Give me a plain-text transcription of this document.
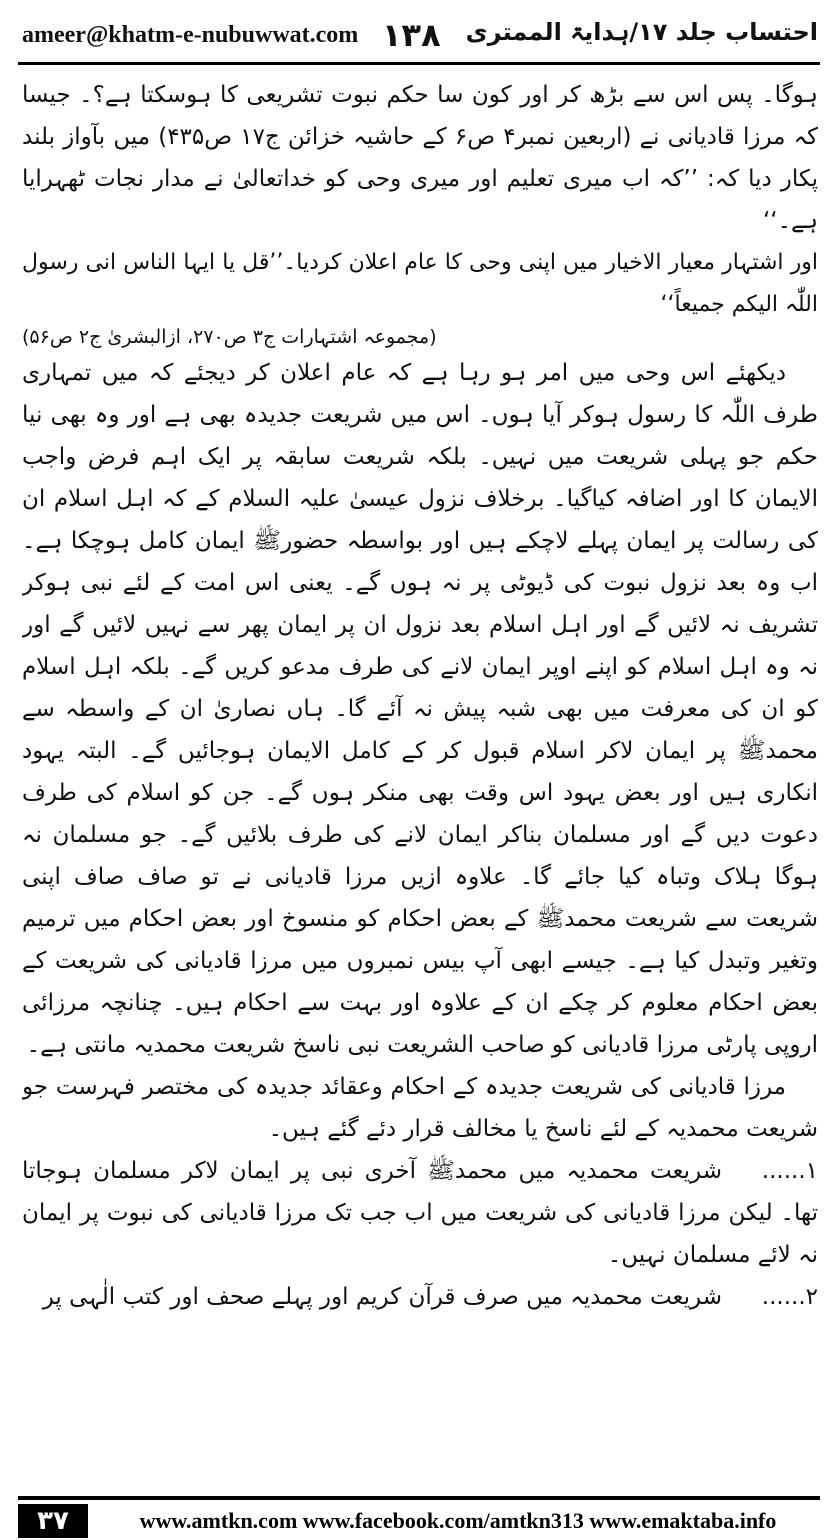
ameer@khatm-e-nubuwwat.com ۱۳۸ احتساب جلد ۱۷/ہدایۃ الممتری

ہوگا۔ پس اس سے بڑھ کر اور کون سا حکم نبوت تشریعی کا ہوسکتا ہے؟۔ جیسا کہ مرزا قادیانی نے (اربعین نمبر۴ ص۶ کے حاشیہ خزائن ج۱۷ ص۴۳۵) میں بآواز بلند پکار دیا کہ: ’’کہ اب میری تعلیم اور میری وحی کو خداتعالیٰ نے مدار نجات ٹھہرایا ہے۔‘‘

اور اشتہار معیار الاخیار میں اپنی وحی کا عام اعلان کردیا۔’’قل یا ایہا الناس انی رسول اللّٰہ الیکم جمیعاً‘‘

(مجموعہ اشتہارات ج۳ ص۲۷۰، ازالبشریٰ ج۲ ص۵۶)

دیکھئے اس وحی میں امر ہو رہا ہے کہ عام اعلان کر دیجئے کہ میں تمہاری طرف اللّٰہ کا رسول ہوکر آیا ہوں۔ اس میں شریعت جدیدہ بھی ہے اور وہ بھی نیا حکم جو پہلی شریعت میں نہیں۔ بلکہ شریعت سابقہ پر ایک اہم فرض واجب الایمان کا اور اضافہ کیاگیا۔ برخلاف نزول عیسیٰ علیہ السلام کے کہ اہل اسلام ان کی رسالت پر ایمان پہلے لاچکے ہیں اور بواسطہ حضورﷺ ایمان کامل ہوچکا ہے۔ اب وہ بعد نزول نبوت کی ڈیوٹی پر نہ ہوں گے۔ یعنی اس امت کے لئے نبی ہوکر تشریف نہ لائیں گے اور اہل اسلام بعد نزول ان پر ایمان پھر سے نہیں لائیں گے اور نہ وہ اہل اسلام کو اپنے اوپر ایمان لانے کی طرف مدعو کریں گے۔ بلکہ اہل اسلام کو ان کی معرفت میں بھی شبہ پیش نہ آئے گا۔ ہاں نصاریٰ ان کے واسطہ سے محمدﷺ پر ایمان لاکر اسلام قبول کر کے کامل الایمان ہوجائیں گے۔ البتہ یہود انکاری ہیں اور بعض یہود اس وقت بھی منکر ہوں گے۔ جن کو اسلام کی طرف دعوت دیں گے اور مسلمان بناکر ایمان لانے کی طرف بلائیں گے۔ جو مسلمان نہ ہوگا ہلاک وتباہ کیا جائے گا۔ علاوہ ازیں مرزا قادیانی نے تو صاف صاف اپنی شریعت سے شریعت محمدﷺ کے بعض احکام کو منسوخ اور بعض احکام میں ترمیم وتغیر وتبدل کیا ہے۔ جیسے ابھی آپ بیس نمبروں میں مرزا قادیانی کی شریعت کے بعض احکام معلوم کر چکے ان کے علاوہ اور بہت سے احکام ہیں۔ چنانچہ مرزائی اروپی پارٹی مرزا قادیانی کو صاحب الشریعت نبی ناسخ شریعت محمدیہ مانتی ہے۔

مرزا قادیانی کی شریعت جدیدہ کے احکام وعقائد جدیدہ کی مختصر فہرست جو شریعت محمدیہ کے لئے ناسخ یا مخالف قرار دئے گئے ہیں۔

۱......شریعت محمدیہ میں محمدﷺ آخری نبی پر ایمان لاکر مسلمان ہوجاتا تھا۔ لیکن مرزا قادیانی کی شریعت میں اب جب تک مرزا قادیانی کی نبوت پر ایمان نہ لائے مسلمان نہیں۔

۲......شریعت محمدیہ میں صرف قرآن کریم اور پہلے صحف اور کتب الٰہی پر

۳۷	www.amtkn.com www.facebook.com/amtkn313 www.emaktaba.info
